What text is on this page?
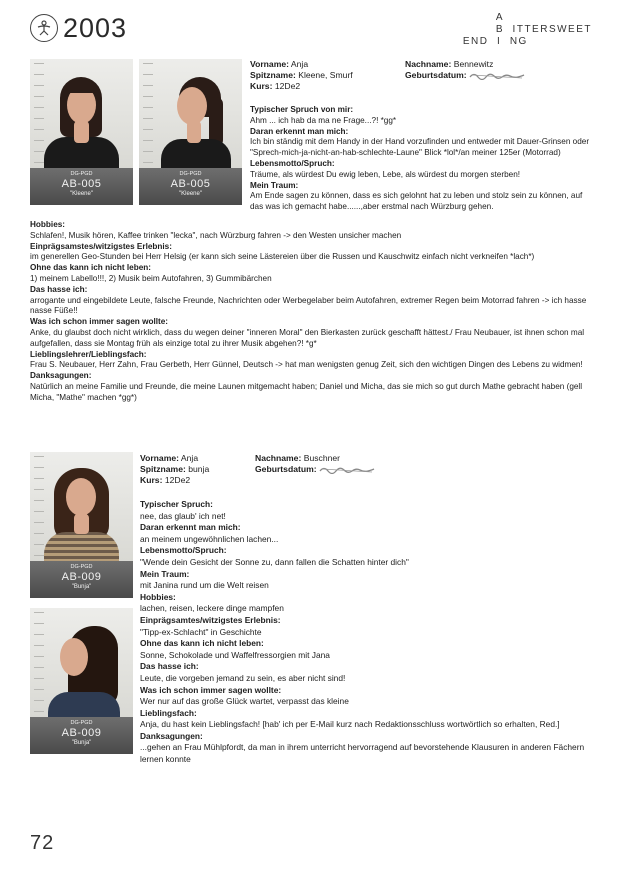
2003	A
B  ITTERSWEET
END  I  NG
DG-PGD
AB-005
"Kleene"
DG-PGD
AB-005
"Kleene"
Vorname: Anja	Nachname: Bennewitz
Spitzname: Kleene, Smurf	Geburtsdatum:
Kurs: 12De2

Typischer Spruch von mir:

Ahm ... ich hab da ma ne Frage...?! *gg*

Daran erkennt man mich:

Ich bin ständig mit dem Handy in der Hand vorzufinden und entweder mit Dauer-Grinsen oder "Sprech-mich-ja-nicht-an-hab-schlechte-Laune" Blick *lol*/an meiner 125er (Motorrad)

Lebensmotto/Spruch:

Träume, als würdest Du ewig leben, Lebe, als würdest du morgen sterben!

Mein Traum:

Am Ende sagen zu können, dass es sich gelohnt hat zu leben und stolz sein zu können, auf das was ich gemacht habe......,aber erstmal nach Würzburg gehen.

Hobbies:

Schlafen!, Musik hören, Kaffee trinken "lecka", nach Würzburg fahren -> den Westen unsicher machen

Einprägsamstes/witzigstes Erlebnis:

im generellen Geo-Stunden bei Herr Helsig (er kann sich seine Lästereien über die Russen und Kauschwitz einfach nicht verkneifen *lach*)

Ohne das kann ich nicht leben:

1) meinem Labello!!!, 2) Musik beim Autofahren, 3) Gummibärchen

Das hasse ich:

arrogante und eingebildete Leute, falsche Freunde, Nachrichten oder Werbegelaber beim Autofahren, extremer Regen beim Motorrad fahren -> ich hasse nasse Füße!!

Was ich schon immer sagen wollte:

Anke, du glaubst doch nicht wirklich, dass du wegen deiner "inneren Moral" den Bierkasten zurück geschafft hättest./ Frau Neubauer, ist ihnen schon mal aufgefallen, dass sie Montag früh als einzige total zu ihrer Musik abgehen?! *g*

Lieblingslehrer/Lieblingsfach:

Frau S. Neubauer, Herr Zahn, Frau Gerbeth, Herr Günnel, Deutsch -> hat man wenigsten genug Zeit, sich den wichtigen Dingen des Lebens zu widmen!

Danksagungen:

Natürlich an meine Familie und Freunde, die meine Launen mitgemacht haben; Daniel und Micha, das sie mich so gut durch Mathe gebracht haben (gell Micha, "Mathe" machen *gg*)

DG-PGD
AB-009
"Bunja"
DG-PGD
AB-009
"Bunja"
Vorname: Anja	Nachname: Buschner
Spitzname: bunja	Geburtsdatum:
Kurs: 12De2

Typischer Spruch:

nee, das glaub' ich net!

Daran erkennt man mich:

an meinem ungewöhnlichen lachen...

Lebensmotto/Spruch:

"Wende dein Gesicht der Sonne zu, dann fallen die Schatten hinter dich"

Mein Traum:

mit Janina rund um die Welt reisen

Hobbies:

lachen, reisen, leckere dinge mampfen

Einprägsamtes/witzigstes Erlebnis:

"Tipp-ex-Schlacht" in Geschichte

Ohne das kann ich nicht leben:

Sonne, Schokolade und Waffelfressorgien mit Jana

Das hasse ich:

Leute, die vorgeben jemand zu sein, es aber nicht sind!

Was ich schon immer sagen wollte:

Wer nur auf das große Glück wartet, verpasst das kleine

Lieblingsfach:

Anja, du hast kein Lieblingsfach! [hab' ich per E-Mail kurz nach Redaktionsschluss wortwörtlich so erhalten, Red.]

Danksagungen:

...gehen an Frau Mühlpfordt, da man in ihrem unterricht hervorragend auf bevorstehende Klausuren in anderen Fächern lernen konnte

72
